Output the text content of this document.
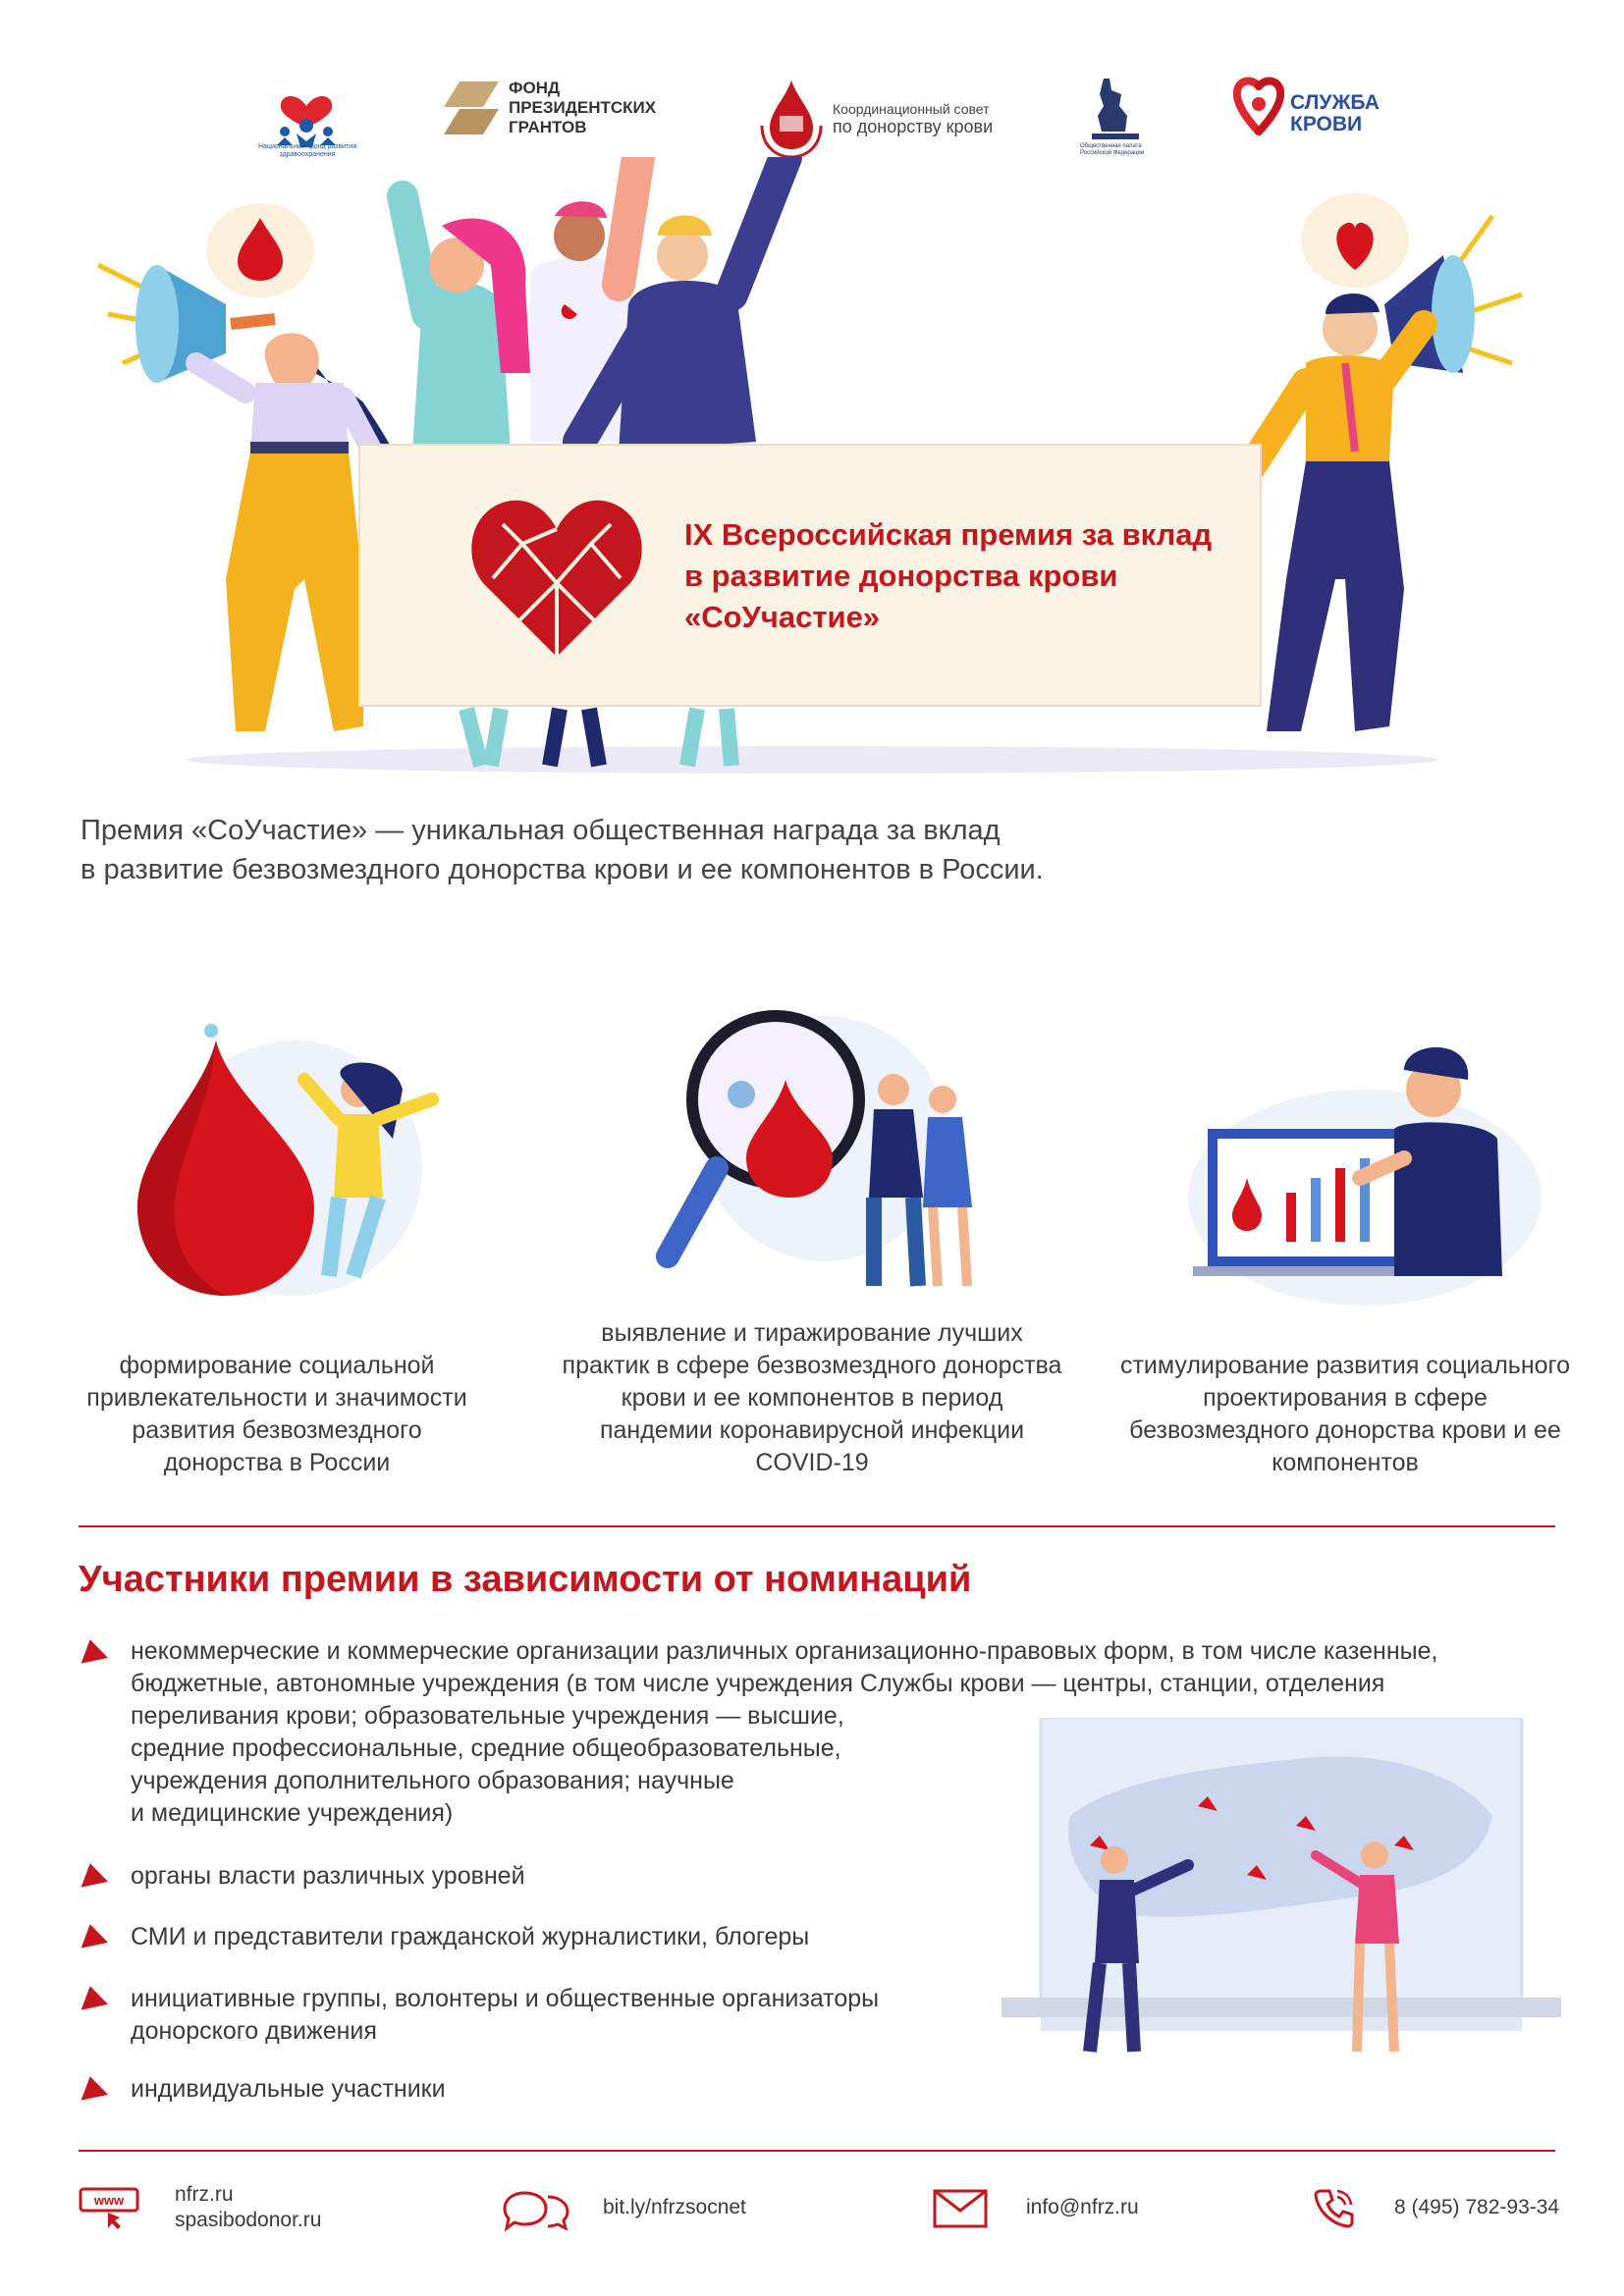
Национальный фонд развития здравоохранения
ФОНД ПРЕЗИДЕНТСКИХ ГРАНТОВ
Координационный совет
по донорству крови
Общественная палата Российской Федерации
СЛУЖБА
КРОВИ
IX Всероссийская премия за вклад в развитие донорства крови «СоУчастие»
Премия «СоУчастие» — уникальная общественная награда за вклад
в развитие безвозмездного донорства крови и ее компонентов в России.
формирование социальной привлекательности и значимости развития безвозмездного донорства в России
выявление и тиражирование лучших практик в сфере безвозмездного донорства крови и ее компонентов в период пандемии коронавирусной инфекции COVID-19
стимулирование развития социального проектирования в сфере безвозмездного донорства крови и ее компонентов
Участники премии в зависимости от номинаций
некоммерческие и коммерческие организации различных организационно-правовых форм, в том числе казенные, бюджетные, автономные учреждения (в том числе учреждения Службы крови — центры, станции, отделения
переливания крови; образовательные учреждения — высшие,
средние профессиональные, средние общеобразовательные,
учреждения дополнительного образования; научные
и медицинские учреждения)
органы власти различных уровней
СМИ и представители гражданской журналистики, блогеры
инициативные группы, волонтеры и общественные организаторы донорского движения
индивидуальные участники
www nfrz.ru
spasibodonor.ru
bit.ly/nfrzsocnet	info@nfrz.ru	8 (495) 782-93-34
